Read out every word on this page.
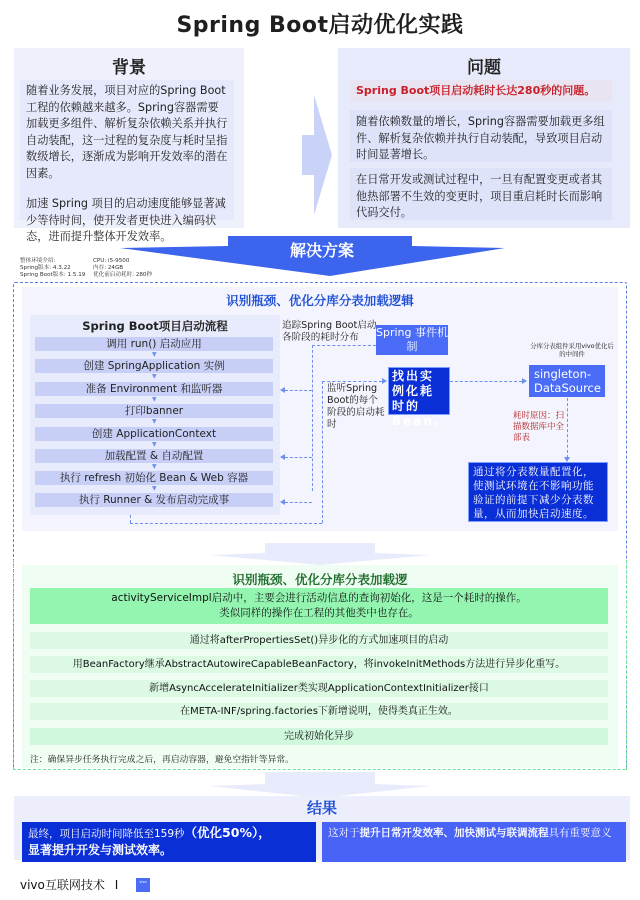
Spring Boot启动优化实践
背景

随着业务发展，项目对应的Spring Boot工程的依赖越来越多。Spring容器需要加载更多组件、解析复杂依赖关系并执行自动装配，这一过程的复杂度与耗时呈指数级增长，逐渐成为影响开发效率的潜在因素。

加速 Spring 项目的启动速度能够显著减少等待时间，使开发者更快进入编码状态，进而提升整体开发效率。

问题
Spring Boot项目启动耗时长达280秒的问题。
随着依赖数量的增长，Spring容器需要加载更多组件、解析复杂依赖并执行自动装配，导致项目启动时间显著增长。
在日常开发或测试过程中，一旦有配置变更或者其他热部署不生效的变更时，项目重启耗时长而影响代码交付。
解决方案
整体环境介绍:
Spring版本: 4.3.22
Spring Boot版本: 1.5.19
CPU: i5-9500
内存: 24GB
优化前启动耗时: 280秒
识别瓶颈、优化分库分表加载逻辑
Spring Boot项目启动流程
调用 run() 启动应用
▼
创建 SpringApplication 实例
▼
准备 Environment 和监听器
▼
打印banner
▼
创建 ApplicationContext
▼
加载配置 & 自动配置
▼
执行 refresh 初始化 Bean & Web 容器
▼
执行 Runner & 发布启动完成事
追踪Spring Boot启动各阶段的耗时分布	Spring 事件机制
监听Spring Boot的每个阶段的启动耗时
找出实例化耗时的Bean。
分库分表组件采用vivo优化后的中间件
singleton-DataSource
耗时原因：扫描数据库中全部表
通过将分表数量配置化，使测试环境在不影响功能验证的前提下减少分表数量，从而加快启动速度。
识别瓶颈、优化分库分表加载逻
activityServiceImpl启动中，主要会进行活动信息的查询初始化，这是一个耗时的操作。
类似同样的操作在工程的其他类中也存在。
通过将afterPropertiesSet()异步化的方式加速项目的启动
用BeanFactory继承AbstractAutowireCapableBeanFactory，将invokeInitMethods方法进行异步化重写。
新增AsyncAccelerateInitializer类实现ApplicationContextInitializer接口
在META-INF/spring.factories下新增说明，使得类真正生效。
完成初始化异步
注：确保异步任务执行完成之后，再启动容器，避免空指针等异常。
结果
最终，项目启动时间降低至159秒（优化50%），
显著提升开发与测试效率。
这对于提升日常开发效率、加快测试与联调流程具有重要意义
vivo互联网技术 I	vivo
